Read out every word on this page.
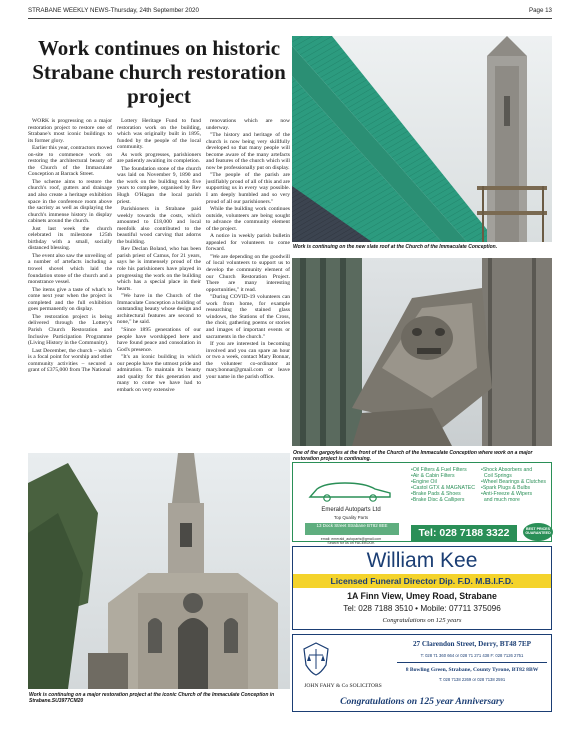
STRABANE WEEKLY NEWS-Thursday, 24th September 2020	Page 13
Work continues on historic Strabane church restoration project

WORK is progressing on a major restoration project to restore one of Strabane's most iconic buildings to its former glory.

Earlier this year, contractors moved on-site to commence work on restoring the architectural beauty of the Church of the Immaculate Conception at Barrack Street.

The scheme aims to restore the church's roof, gutters and drainage and also create a heritage exhibition space in the conference room above the sacristy as well as displaying the church's immense history in display cabinets around the church.

Just last week the church celebrated its milestone 125th birthday with a small, socially distanced blessing.

The event also saw the unveiling of a number of artefacts including a trowel shovel which laid the foundation stone of the church and a monstrance vessel.

The items give a taste of what's to come next year when the project is completed and the full exhibition goes permanently on display.

The restoration project is being delivered through the Lottery's Parish Church Restoration and Inclusive Participation Programme (Living History in the Community).

Last December, the church – which is a focal point for worship and other community activities – secured a grant of £375,000 from The National

Lottery Heritage Fund to fund restoration work on the building, which was originally built in 1895, funded by the people of the local community.

As work progresses, parishioners are patiently awaiting its completion.

The foundation stone of the church was laid on November 9, 1890 and the work on the building took five years to complete, organised by Rev Hugh O'Hagan the local parish priest.

Parishioners in Strabane paid weekly towards the costs, which amounted to £18,000 and local menfolk also contributed to the beautiful wood carving that adorns the building.

Rev Declan Boland, who has been parish priest of Camus, for 21 years, says he is immensely proud of the role his parishioners have played in progressing the work on the building which has a special place in their hearts.

"We have in the Church of the Immaculate Conception a building of outstanding beauty whose design and architectural features are second to none," he said.

"Since 1895 generations of our people have worshipped here and have found peace and consolation in God's presence.

"It's an iconic building in which our people have the utmost pride and admiration. To maintain its beauty and quality for this generation and many to come we have had to embark on very extensive

renovations which are now underway.

"The history and heritage of the church is now being very skillfully developed so that many people will become aware of the many artefacts and features of the church which will now be professionally put on display.

"The people of the parish are justifiably proud of all of this and are supporting us in every way possible. I am deeply humbled and so very proud of all our parishioners."

While the building work continues outside, volunteers are being sought to advance the community element of the project.

A notice in weekly parish bulletin appealed for volunteers to come forward.

"We are depending on the goodwill of local volunteers to support us to develop the community element of our Church Restoration Project. There are many interesting opportunities," it read.

"During COVID-19 volunteers can work from home, for example researching the stained glass windows, the Stations of the Cross, the choir, gathering poems or stories and images of important events or sacraments in the church."

If you are interested in becoming involved and you can spare an hour or two a week, contact Mary Bonnar, the volunteer co-ordinator at mary.bonnar@gmail.com or leave your name in the parish office.

Work is continuing on the new slate roof at the Church of the Immaculate Conception.
One of the gargoyles at the front of the Church of the Immaculate Conception where work on a major restoration project is continuing.
Work is continuing on a major restoration project at the iconic Church of the Immaculate Conception in Strabane.SU3977CM20
Emerald Autoparts Ltd
Top Quality Parts
13 Dock Street Strabane BT82 8EE
email: emerald_autoparts@gmail.com
Search for us on FACEBOOK
•Oil Filters & Fuel Filters
•Air & Cabin Filters
•Engine Oil
•Castol GTX & MAGNATEC
•Brake Pads & Shoes
•Brake Disc & Callipers
•Shock Absorbers and
Coil Springs
•Wheel Bearings & Clutches
•Spark Plugs & Bulbs
•Anti-Freeze & Wipers
and much more
Tel: 028 7188 3322	BEST PRICES GUARANTEED
William Kee
Licensed Funeral Director Dip. F.D. M.B.I.F.D.
1A Finn View, Umey Road, Strabane
Tel: 028 7188 3510 • Mobile: 07711 375096
Congratulations on 125 years
JOHN FAHY & Co SOLICITORS
27 Clarendon Street, Derry, BT48 7EP
T: 028 71 360 664 or 028 71 271 438 F: 028 7126 2751
8 Bowling Green, Strabane, County Tyrone, BT82 8BW
T: 028 7138 2269 or 028 7138 2591
Congratulations on 125 year Anniversary
